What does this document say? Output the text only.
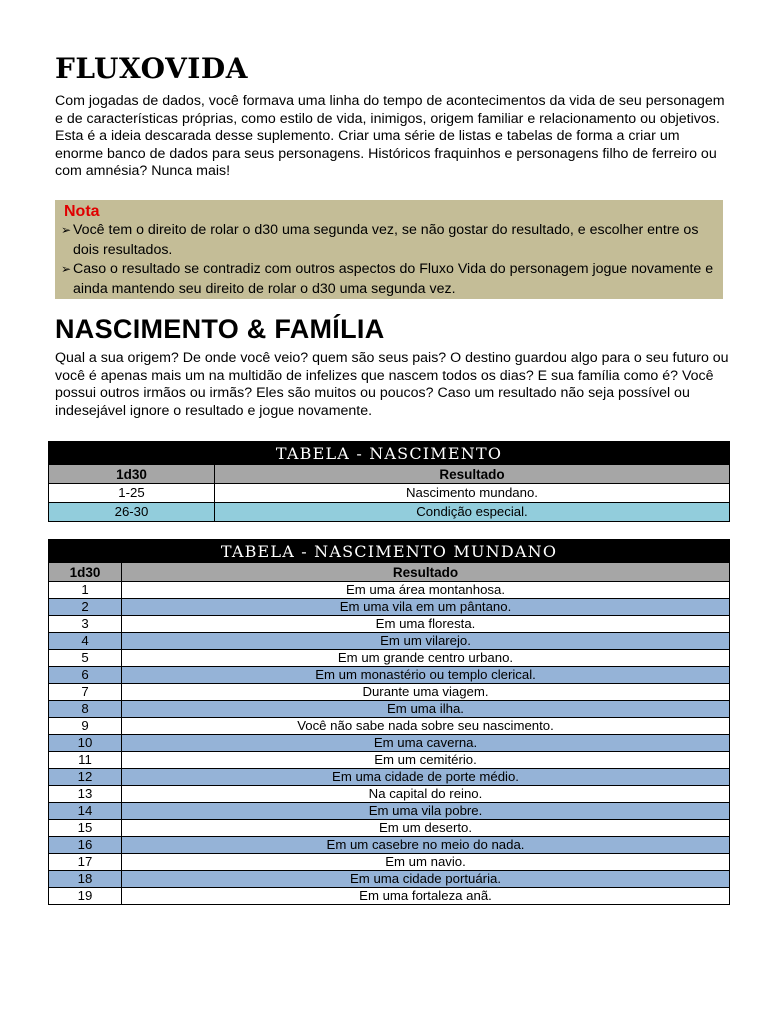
FLUXOVIDA
Com jogadas de dados, você formava uma linha do tempo de acontecimentos da vida de seu personagem e de características próprias, como estilo de vida, inimigos, origem familiar e relacionamento ou objetivos.
Esta é a ideia descarada desse suplemento. Criar uma série de listas e tabelas de forma a criar um enorme banco de dados para seus personagens. Históricos fraquinhos e personagens filho de ferreiro ou com amnésia? Nunca mais!
Nota
➢ Você tem o direito de rolar o d30 uma segunda vez, se não gostar do resultado, e escolher entre os dois resultados.
➢ Caso o resultado se contradiz com outros aspectos do Fluxo Vida do personagem jogue novamente e ainda mantendo seu direito de rolar o d30 uma segunda vez.
NASCIMENTO & FAMÍLIA
Qual a sua origem? De onde você veio? quem são seus pais? O destino guardou algo para o seu futuro ou você é apenas mais um na multidão de infelizes que nascem todos os dias? E sua família como é? Você possui outros irmãos ou irmãs? Eles são muitos ou poucos? Caso um resultado não seja possível ou indesejável ignore o resultado e jogue novamente.
TABELA - NASCIMENTO	
1d30	Resultado
1-25	Nascimento mundano.
26-30	Condição especial.
TABELA - NASCIMENTO MUNDANO	
1d30	Resultado
1	Em uma área montanhosa.
2	Em uma vila em um pântano.
3	Em uma floresta.
4	Em um vilarejo.
5	Em um grande centro urbano.
6	Em um monastério ou templo clerical.
7	Durante uma viagem.
8	Em uma ilha.
9	Você não sabe nada sobre seu nascimento.
10	Em uma caverna.
11	Em um cemitério.
12	Em uma cidade de porte médio.
13	Na capital do reino.
14	Em uma vila pobre.
15	Em um deserto.
16	Em um casebre no meio do nada.
17	Em um navio.
18	Em uma cidade portuária.
19	Em uma fortaleza anã.
